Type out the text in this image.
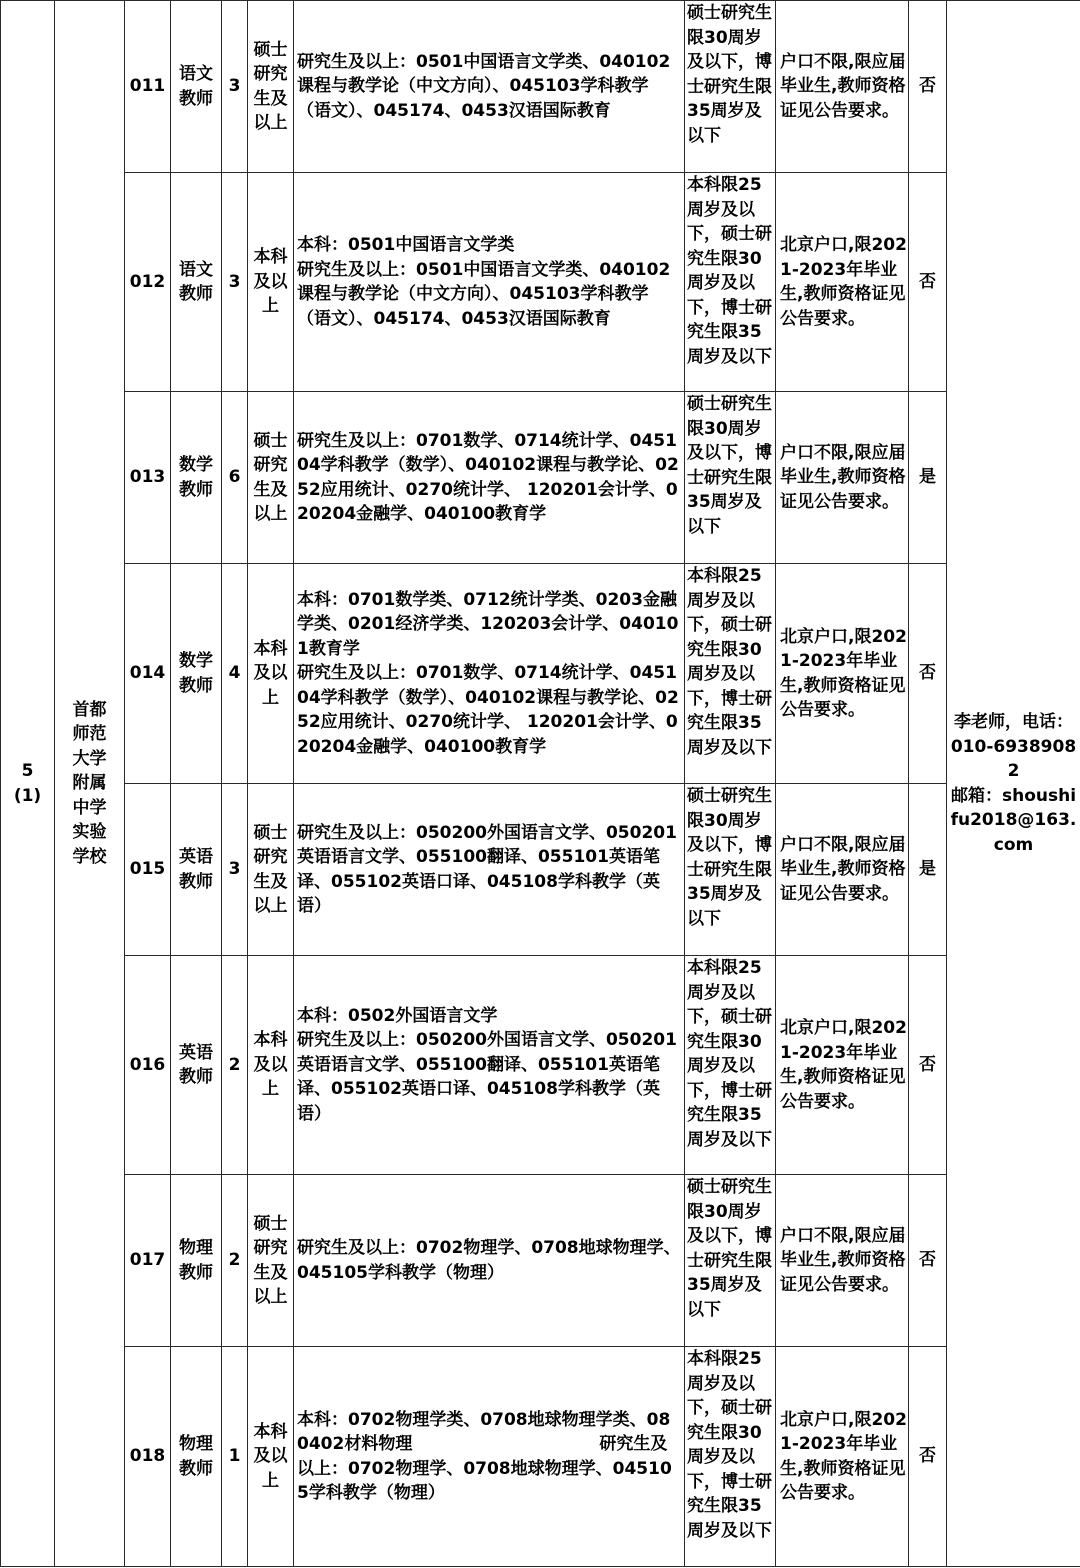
5
(1)	首都师范大学附属中学实验学校	011	语文教师	3	硕士研究生及以上	研究生及以上：0501中国语言文学类、040102课程与教学论（中文方向）、045103学科教学（语文）、045174、0453汉语国际教育	硕士研究生限30周岁及以下，博士研究生限35周岁及以下	户口不限,限应届毕业生,教师资格证见公告要求。	否	李老师，电话：010-69389082
邮箱：shoushifu2018@163.com
		012	语文教师	3	本科及以上	本科：0501中国语言文学类
研究生及以上：0501中国语言文学类、040102课程与教学论（中文方向）、045103学科教学（语文）、045174、0453汉语国际教育	本科限25周岁及以下，硕士研究生限30周岁及以下，博士研究生限35周岁及以下	北京户口,限2021-2023年毕业生,教师资格证见公告要求。	否	
		013	数学教师	6	硕士研究生及以上	研究生及以上：0701数学、0714统计学、045104学科教学（数学）、040102课程与教学论、0252应用统计、0270统计学、 120201会计学、020204金融学、040100教育学	硕士研究生限30周岁及以下，博士研究生限35周岁及以下	户口不限,限应届毕业生,教师资格证见公告要求。	是	
		014	数学教师	4	本科及以上	本科：0701数学类、0712统计学类、0203金融学类、0201经济学类、120203会计学、040101教育学
研究生及以上：0701数学、0714统计学、045104学科教学（数学）、040102课程与教学论、0252应用统计、0270统计学、 120201会计学、020204金融学、040100教育学	本科限25周岁及以下，硕士研究生限30周岁及以下，博士研究生限35周岁及以下	北京户口,限2021-2023年毕业生,教师资格证见公告要求。	否	
		015	英语教师	3	硕士研究生及以上	研究生及以上：050200外国语言文学、050201英语语言文学、055100翻译、055101英语笔译、055102英语口译、045108学科教学（英语）	硕士研究生限30周岁及以下，博士研究生限35周岁及以下	户口不限,限应届毕业生,教师资格证见公告要求。	是	
		016	英语教师	2	本科及以上	本科：0502外国语言文学
研究生及以上：050200外国语言文学、050201英语语言文学、055100翻译、055101英语笔译、055102英语口译、045108学科教学（英语）	本科限25周岁及以下，硕士研究生限30周岁及以下，博士研究生限35周岁及以下	北京户口,限2021-2023年毕业生,教师资格证见公告要求。	否	
		017	物理教师	2	硕士研究生及以上	研究生及以上：0702物理学、0708地球物理学、045105学科教学（物理）	硕士研究生限30周岁及以下，博士研究生限35周岁及以下	户口不限,限应届毕业生,教师资格证见公告要求。	否	
		018	物理教师	1	本科及以上	本科：0702物理学类、0708地球物理学类、080402材料物理　　　　　　　　　　　研究生及以上：0702物理学、0708地球物理学、045105学科教学（物理）	本科限25周岁及以下，硕士研究生限30周岁及以下，博士研究生限35周岁及以下	北京户口,限2021-2023年毕业生,教师资格证见公告要求。	否	
